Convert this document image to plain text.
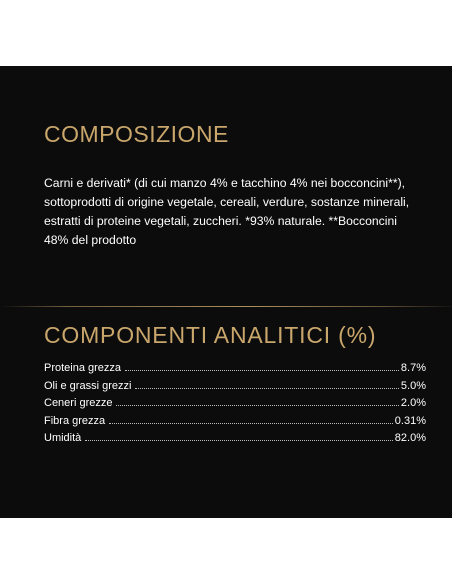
COMPOSIZIONE
Carni e derivati* (di cui manzo 4% e tacchino 4% nei bocconcini**), sottoprodotti di origine vegetale, cereali, verdure, sostanze minerali, estratti di proteine vegetali, zuccheri. *93% naturale. **Bocconcini 48% del prodotto
COMPONENTI ANALITICI (%)
Proteina grezza	8.7%
Oli e grassi grezzi	5.0%
Ceneri grezze	2.0%
Fibra grezza	0.31%
Umidità	82.0%
